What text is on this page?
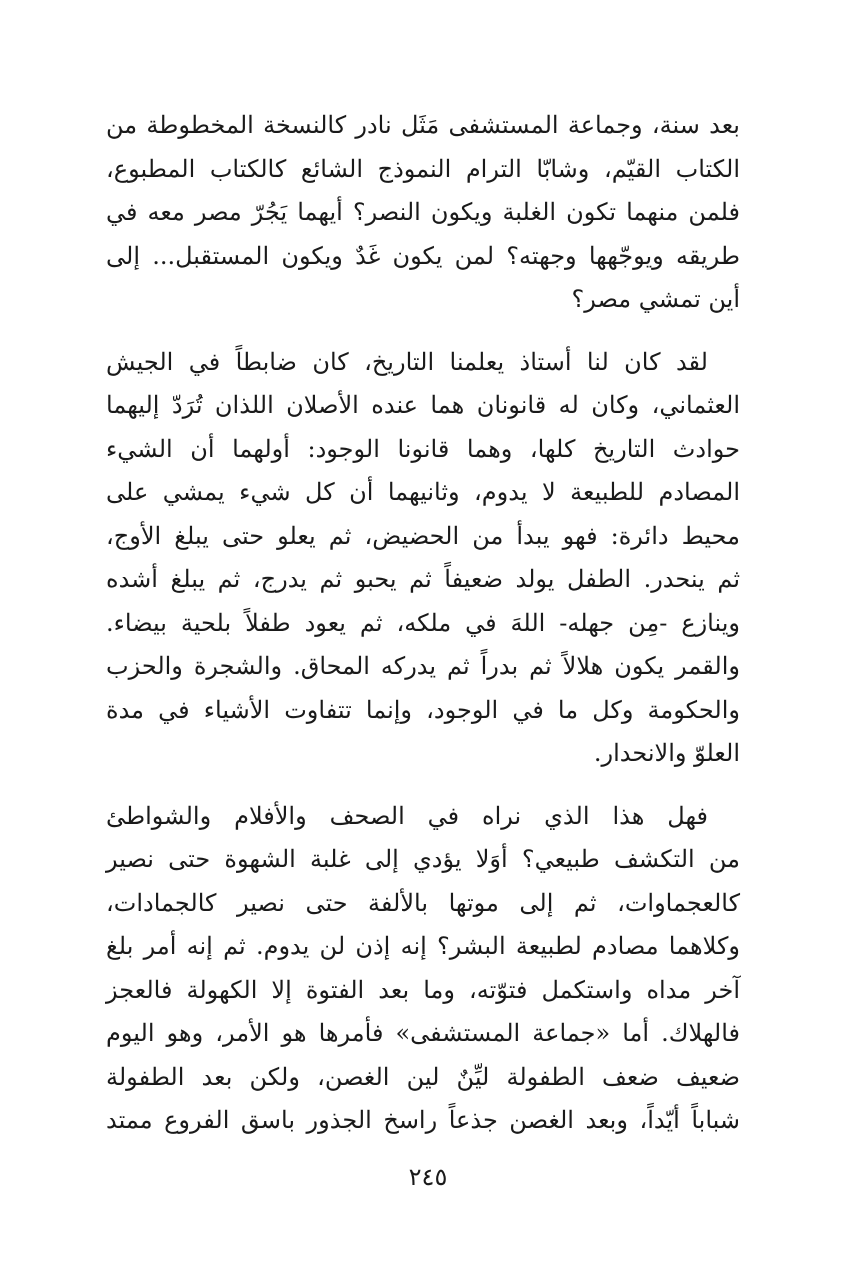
بعد سنة، وجماعة المستشفى مَثَل نادر كالنسخة المخطوطة من
الكتاب القيّم، وشابّا الترام النموذج الشائع كالكتاب المطبوع،
فلمن منهما تكون الغلبة ويكون النصر؟ أيهما يَجُرّ مصر معه في
طريقه ويوجّهها وجهته؟ لمن يكون غَدٌ ويكون المستقبل... إلى
أين تمشي مصر؟
لقد كان لنا أستاذ يعلمنا التاريخ، كان ضابطاً في الجيش
العثماني، وكان له قانونان هما عنده الأصلان اللذان تُرَدّ إليهما
حوادث التاريخ كلها، وهما قانونا الوجود: أولهما أن الشيء
المصادم للطبيعة لا يدوم، وثانيهما أن كل شيء يمشي على
محيط دائرة: فهو يبدأ من الحضيض، ثم يعلو حتى يبلغ الأوج،
ثم ينحدر. الطفل يولد ضعيفاً ثم يحبو ثم يدرج، ثم يبلغ أشده
وينازع -مِن جهله- اللهَ في ملكه، ثم يعود طفلاً بلحية بيضاء.
والقمر يكون هلالاً ثم بدراً ثم يدركه المحاق. والشجرة والحزب
والحكومة وكل ما في الوجود، وإنما تتفاوت الأشياء في مدة
العلوّ والانحدار.
فهل هذا الذي نراه في الصحف والأفلام والشواطئ
من التكشف طبيعي؟ أوَلا يؤدي إلى غلبة الشهوة حتى نصير
كالعجماوات، ثم إلى موتها بالألفة حتى نصير كالجمادات،
وكلاهما مصادم لطبيعة البشر؟ إنه إذن لن يدوم. ثم إنه أمر بلغ
آخر مداه واستكمل فتوّته، وما بعد الفتوة إلا الكهولة فالعجز
فالهلاك. أما «جماعة المستشفى» فأمرها هو الأمر، وهو اليوم
ضعيف ضعف الطفولة ليِّنٌ لين الغصن، ولكن بعد الطفولة
شباباً أيّداً، وبعد الغصن جذعاً راسخ الجذور باسق الفروع ممتد
٢٤٥
